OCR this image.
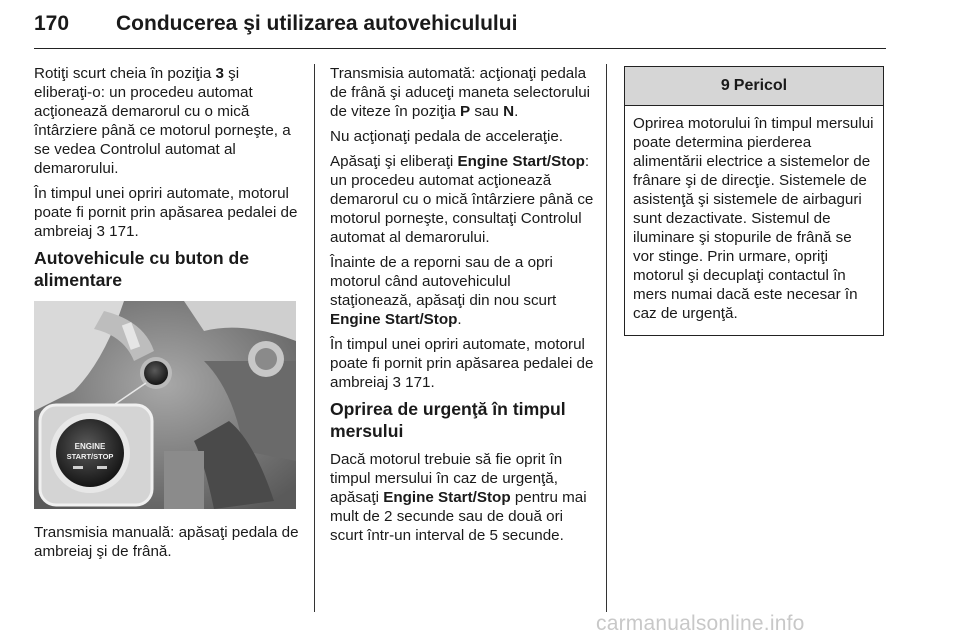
170 Conducerea şi utilizarea autovehiculului

Rotiţi scurt cheia în poziţia 3 şi eliberaţi-o: un procedeu automat acţionează demarorul cu o mică întârziere până ce motorul porneşte, a se vedea Controlul automat al demarorului.

În timpul unei opriri automate, motorul poate fi pornit prin apăsarea pedalei de ambreiaj 3 171.

Autovehicule cu buton de alimentare
ENGINE
START/STOP

Transmisia manuală: apăsaţi pedala de ambreiaj şi de frână.

Transmisia automată: acţionaţi pedala de frână şi aduceţi maneta selectorului de viteze în poziţia P sau N.

Nu acţionaţi pedala de acceleraţie.

Apăsaţi şi eliberaţi Engine Start/Stop: un procedeu automat acţionează demarorul cu o mică întârziere până ce motorul porneşte, consultaţi Controlul automat al demarorului.

Înainte de a reporni sau de a opri motorul când autovehiculul staţionează, apăsaţi din nou scurt Engine Start/Stop.

În timpul unei opriri automate, motorul poate fi pornit prin apăsarea pedalei de ambreiaj 3 171.

Oprirea de urgenţă în timpul mersului

Dacă motorul trebuie să fie oprit în timpul mersului în caz de urgenţă, apăsaţi Engine Start/Stop pentru mai mult de 2 secunde sau de două ori scurt într-un interval de 5 secunde.

9 Pericol
Oprirea motorului în timpul mersului poate determina pierderea alimentării electrice a sistemelor de frânare şi de direcţie. Sistemele de asistenţă şi sistemele de airbaguri sunt dezactivate. Sistemul de iluminare şi stopurile de frână se vor stinge. Prin urmare, opriţi motorul şi decuplaţi contactul în mers numai dacă este necesar în caz de urgenţă.
carmanualsonline.info
